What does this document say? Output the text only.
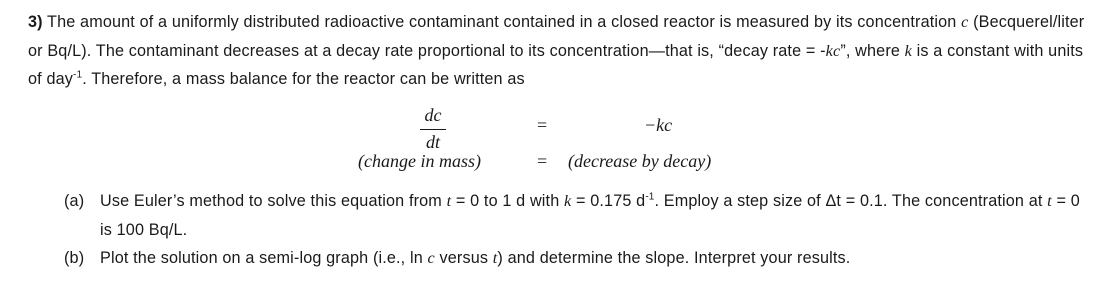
3) The amount of a uniformly distributed radioactive contaminant contained in a closed reactor is measured by its concentration c (Becquerel/liter or Bq/L). The contaminant decreases at a decay rate proportional to its concentration—that is, “decay rate = -kc”, where k is a constant with units of day$^{-1}$. Therefore, a mass balance for the reactor can be written as
dc
dt
=	−kc
(change in mass)	= (decrease by decay)
(a) Use Euler’s method to solve this equation from t = 0 to 1 d with k = 0.175 $d^{-1}$. Employ a step size of Δt = 0.1. The concentration at t = 0 is 100 Bq/L.
(b) Plot the solution on a semi-log graph (i.e., ln c versus t) and determine the slope. Interpret your results.
